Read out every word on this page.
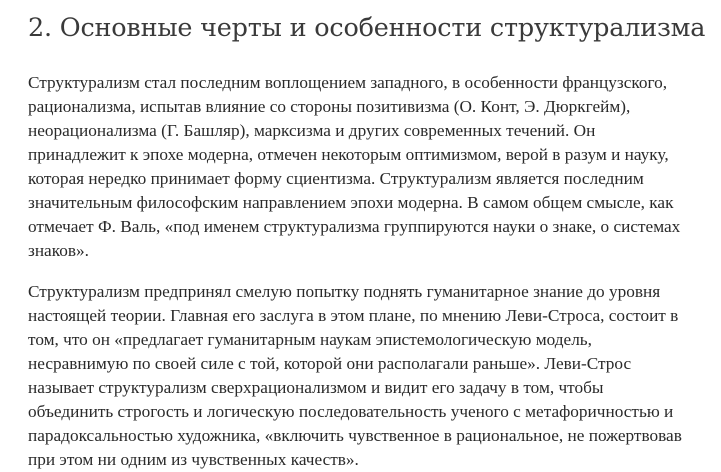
2. Основные черты и особенности структурализма

Структурализм стал последним воплощением западного, в особенности французского,
рационализма, испытав влияние со стороны позитивизма (О. Конт, Э. Дюркгейм),
неорационализма (Г. Башляр), марксизма и других современных течений. Он
принадлежит к эпохе модерна, отмечен некоторым оптимизмом, верой в разум и науку,
которая нередко принимает форму сциентизма. Структурализм является последним
значительным философским направлением эпохи модерна. В самом общем смысле, как
отмечает Ф. Валь, «под именем структурализма группируются науки о знаке, о системах
знаков».

Структурализм предпринял смелую попытку поднять гуманитарное знание до уровня
настоящей теории. Главная его заслуга в этом плане, по мнению Леви-Строса, состоит в
том, что он «предлагает гуманитарным наукам эпистемологическую модель,
несравнимую по своей силе с той, которой они располагали раньше». Леви-Строс
называет структурализм сверхрационализмом и видит его задачу в том, чтобы
объединить строгость и логическую последовательность ученого с метафоричностью и
парадоксальностью художника, «включить чувственное в рациональное, не пожертвовав
при этом ни одним из чувственных качеств».
